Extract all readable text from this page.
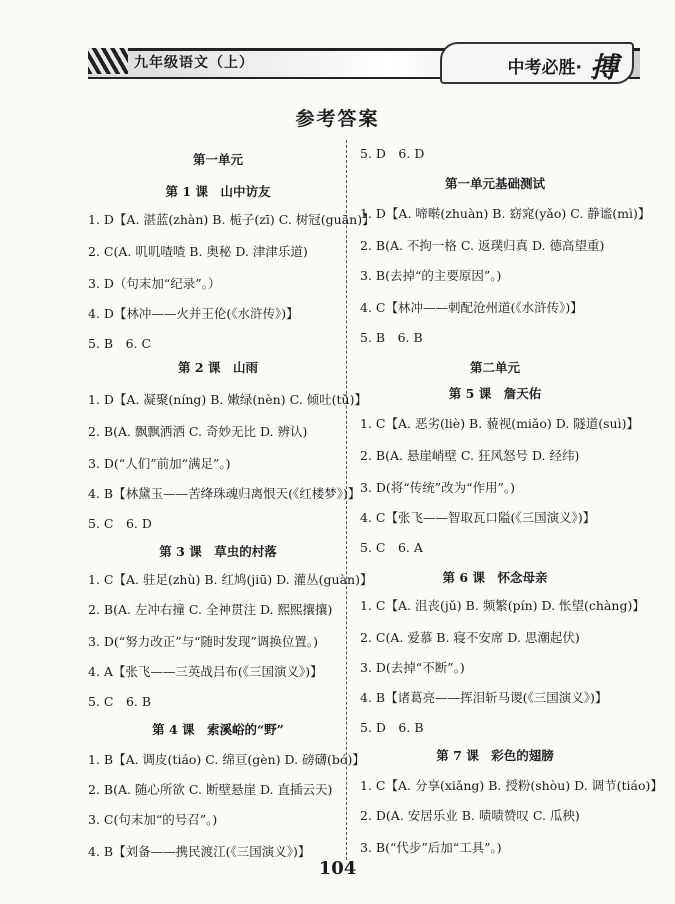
九年级语文（上）	中考必胜· 搏
参考答案
第一单元
第 1 课　山中访友
1. D【A. 湛蓝(zhàn) B. 栀子(zī) C. 树冠(guān)】
2. C(A. 叽叽喳喳 B. 奥秘 D. 津津乐道)
3. D（句末加“纪录”。）
4. D【林冲——火并王伦(《水浒传》)】
5. B　6. C
第 2 课　山雨
1. D【A. 凝聚(níng) B. 嫩绿(nèn) C. 倾吐(tǔ)】
2. B(A. 飘飘洒洒 C. 奇妙无比 D. 辨认)
3. D(“人们”前加“满足”。)
4. B【林黛玉——苦绛珠魂归离恨天(《红楼梦》)】
5. C　6. D
第 3 课　草虫的村落
1. C【A. 驻足(zhù) B. 红鸠(jiū) D. 灌丛(guàn)】
2. B(A. 左冲右撞 C. 全神贯注 D. 熙熙攘攘)
3. D(“努力改正”与“随时发现”调换位置。)
4. A【张飞——三英战吕布(《三国演义》)】
5. C　6. B
第 4 课　索溪峪的“野”
1. B【A. 调皮(tiáo) C. 绵亘(gèn) D. 磅礴(bó)】
2. B(A. 随心所欲 C. 断壁悬崖 D. 直插云天)
3. C(句末加“的号召”。)
4. B【刘备——携民渡江(《三国演义》)】
5. D　6. D
第一单元基础测试
1. D【A. 啼啭(zhuàn) B. 窈窕(yǎo) C. 静谧(mì)】
2. B(A. 不拘一格 C. 返璞归真 D. 德高望重)
3. B(去掉“的主要原因”。)
4. C【林冲——刺配沧州道(《水浒传》)】
5. B　6. B
第二单元
第 5 课　詹天佑
1. C【A. 恶劣(liè) B. 藐视(miǎo) D. 隧道(suì)】
2. B(A. 悬崖峭壁 C. 狂风怒号 D. 经纬)
3. D(将“传统”改为“作用”。)
4. C【张飞——智取瓦口隘(《三国演义》)】
5. C　6. A
第 6 课　怀念母亲
1. C【A. 沮丧(jǔ) B. 频繁(pín) D. 怅望(chàng)】
2. C(A. 爱慕 B. 寝不安席 D. 思潮起伏)
3. D(去掉“不断”。)
4. B【诸葛亮——挥泪斩马谡(《三国演义》)】
5. D　6. B
第 7 课　彩色的翅膀
1. C【A. 分享(xiǎng) B. 授粉(shòu) D. 调节(tiáo)】
2. D(A. 安居乐业 B. 啧啧赞叹 C. 瓜秧)
3. B(“代步”后加“工具”。)
104
